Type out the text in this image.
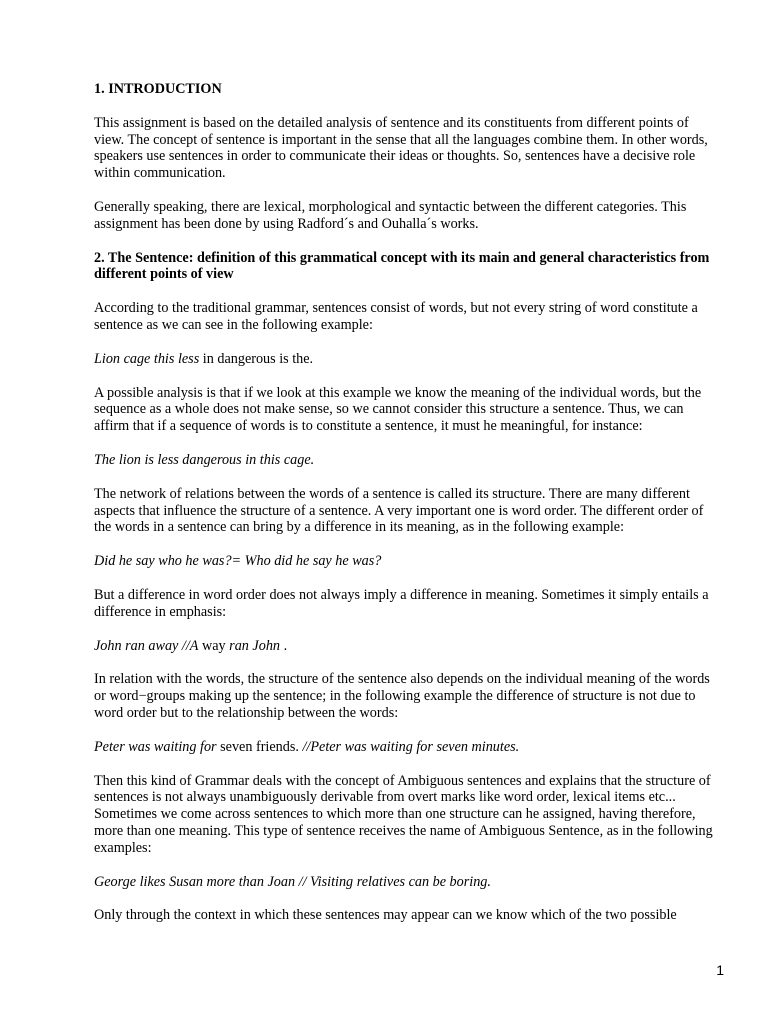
1. INTRODUCTION

This assignment is based on the detailed analysis of sentence and its constituents from different points of view. The concept of sentence is important in the sense that all the languages combine them. In other words, speakers use sentences in order to communicate their ideas or thoughts. So, sentences have a decisive role within communication.

Generally speaking, there are lexical, morphological and syntactic between the different categories. This assignment has been done by using Radford´s and Ouhalla´s works.

2. The Sentence: definition of this grammatical concept with its main and general characteristics from different points of view

According to the traditional grammar, sentences consist of words, but not every string of word constitute a sentence as we can see in the following example:

Lion cage this less in dangerous is the.

A possible analysis is that if we look at this example we know the meaning of the individual words, but the sequence as a whole does not make sense, so we cannot consider this structure a sentence. Thus, we can affirm that if a sequence of words is to constitute a sentence, it must he meaningful, for instance:

The lion is less dangerous in this cage.

The network of relations between the words of a sentence is called its structure. There are many different aspects that influence the structure of a sentence. A very important one is word order. The different order of the words in a sentence can bring by a difference in its meaning, as in the following example:

Did he say who he was?= Who did he say he was?

But a difference in word order does not always imply a difference in meaning. Sometimes it simply entails a difference in emphasis:

John ran away //A way ran John .

In relation with the words, the structure of the sentence also depends on the individual meaning of the words or word−groups making up the sentence; in the following example the difference of structure is not due to word order but to the relationship between the words:

Peter was waiting for seven friends. //Peter was waiting for seven minutes.

Then this kind of Grammar deals with the concept of Ambiguous sentences and explains that the structure of sentences is not always unambiguously derivable from overt marks like word order, lexical items etc... Sometimes we come across sentences to which more than one structure can he assigned, having therefore, more than one meaning. This type of sentence receives the name of Ambiguous Sentence, as in the following examples:

George likes Susan more than Joan // Visiting relatives can be boring.

Only through the context in which these sentences may appear can we know which of the two possible

1
